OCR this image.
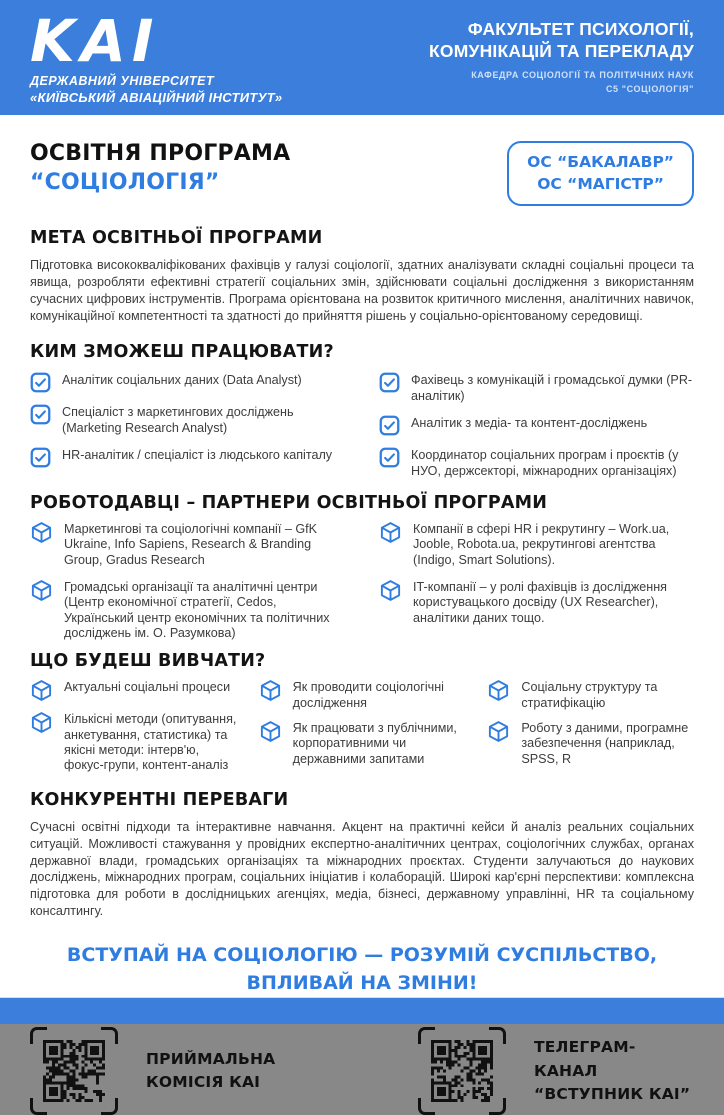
KAI
ДЕРЖАВНИЙ УНІВЕРСИТЕТ
«КИЇВСЬКИЙ АВІАЦІЙНИЙ ІНСТИТУТ»
ФАКУЛЬТЕТ ПСИХОЛОГІЇ,
КОМУНІКАЦІЙ ТА ПЕРЕКЛАДУ
КАФЕДРА СОЦІОЛОГІЇ ТА ПОЛІТИЧНИХ НАУК
С5 "СОЦІОЛОГІЯ"
ОСВІТНЯ ПРОГРАМА
“СОЦІОЛОГІЯ”
ОС “БАКАЛАВР”
ОС “МАГІСТР”
МЕТА ОСВІТНЬОЇ ПРОГРАМИ
Підготовка висококваліфікованих фахівців у галузі соціології, здатних аналізувати складні соціальні процеси та явища, розробляти ефективні стратегії соціальних змін, здійснювати соціальні дослідження з використанням сучасних цифрових інструментів. Програма орієнтована на розвиток критичного мислення, аналітичних навичок, комунікаційної компетентності та здатності до прийняття рішень у соціально-орієнтованому середовищі.
КИМ ЗМОЖЕШ ПРАЦЮВАТИ?
Аналітик соціальних даних (Data Analyst)
Спеціаліст з маркетингових досліджень (Marketing Research Analyst)
HR-аналітик / спеціаліст із людського капіталу
Фахівець з комунікацій і громадської думки (PR-аналітик)
Аналітик з медіа- та контент-досліджень
Координатор соціальних програм і проєктів (у НУО, держсекторі, міжнародних організаціях)
РОБОТОДАВЦІ – ПАРТНЕРИ ОСВІТНЬОЇ ПРОГРАМИ
Маркетингові та соціологічні компанії – GfK Ukraine, Info Sapiens, Research & Branding Group, Gradus Research
Громадські організації та аналітичні центри (Центр економічної стратегії, Cedos, Український центр економічних та політичних досліджень ім. О. Разумкова)
Компанії в сфері HR і рекрутингу – Work.ua, Jooble, Robota.ua, рекрутингові агентства (Indigo, Smart Solutions).
IT-компанії – у ролі фахівців із дослідження користувацького досвіду (UX Researcher), аналітики даних тощо.
ЩО БУДЕШ ВИВЧАТИ?
Актуальні соціальні процеси
Кількісні методи (опитування, анкетування, статистика) та якісні методи: інтерв'ю, фокус-групи, контент-аналіз
Як проводити соціологічні дослідження
Як працювати з публічними, корпоративними чи державними запитами
Соціальну структуру та стратифікацію
Роботу з даними, програмне забезпечення (наприклад, SPSS, R
КОНКУРЕНТНІ ПЕРЕВАГИ
Сучасні освітні підходи та інтерактивне навчання. Акцент на практичні кейси й аналіз реальних соціальних ситуацій. Можливості стажування у провідних експертно-аналітичних центрах, соціологічних службах, органах державної влади, громадських організаціях та міжнародних проєктах. Студенти залучаються до наукових досліджень, міжнародних програм, соціальних ініціатив і колаборацій. Широкі кар'єрні перспективи: комплексна підготовка для роботи в дослідницьких агенціях, медіа, бізнесі, державному управлінні, HR та соціальному консалтингу.
ВСТУПАЙ НА СОЦІОЛОГІЮ — РОЗУМІЙ СУСПІЛЬСТВО,
ВПЛИВАЙ НА ЗМІНИ!
ПРИЙМАЛЬНА
КОМІСІЯ КАІ
ТЕЛЕГРАМ-КАНАЛ
“ВСТУПНИК КАІ”
